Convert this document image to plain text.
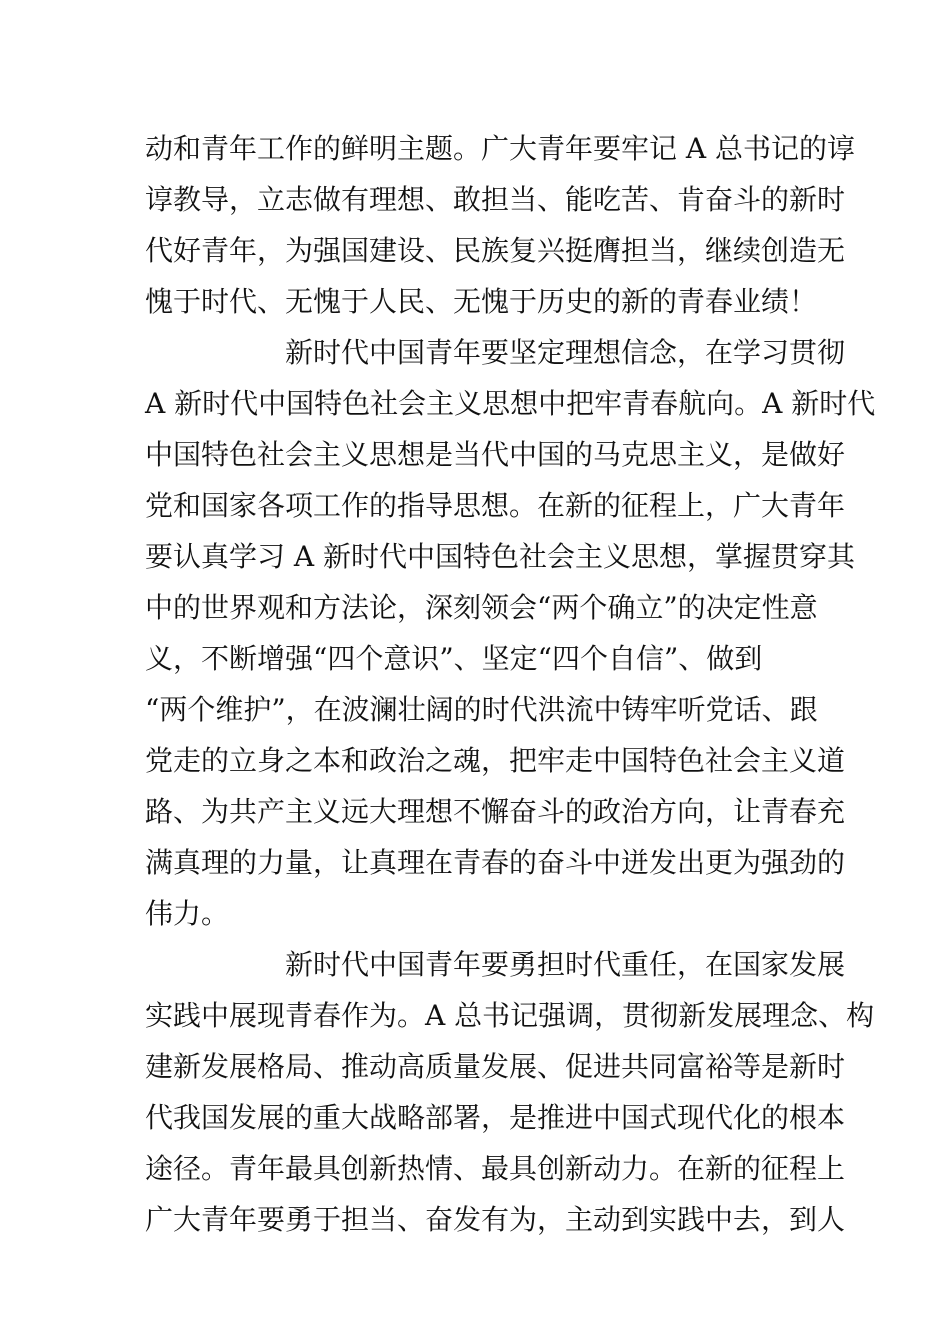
动和青年工作的鲜明主题。广大青年要牢记 A 总书记的谆
谆教导，立志做有理想、敢担当、能吃苦、肯奋斗的新时
代好青年，为强国建设、民族复兴挺膺担当，继续创造无
愧于时代、无愧于人民、无愧于历史的新的青春业绩！

新时代中国青年要坚定理想信念，在学习贯彻
A 新时代中国特色社会主义思想中把牢青春航向。A 新时代
中国特色社会主义思想是当代中国的马克思主义，是做好
党和国家各项工作的指导思想。在新的征程上，广大青年
要认真学习 A 新时代中国特色社会主义思想，掌握贯穿其
中的世界观和方法论，深刻领会“两个确立”的决定性意
义，不断增强“四个意识”、坚定“四个自信”、做到
“两个维护”，在波澜壮阔的时代洪流中铸牢听党话、跟
党走的立身之本和政治之魂，把牢走中国特色社会主义道
路、为共产主义远大理想不懈奋斗的政治方向，让青春充
满真理的力量，让真理在青春的奋斗中迸发出更为强劲的
伟力。

新时代中国青年要勇担时代重任，在国家发展
实践中展现青春作为。A 总书记强调，贯彻新发展理念、构
建新发展格局、推动高质量发展、促进共同富裕等是新时
代我国发展的重大战略部署，是推进中国式现代化的根本
途径。青年最具创新热情、最具创新动力。在新的征程上
广大青年要勇于担当、奋发有为，主动到实践中去，到人
